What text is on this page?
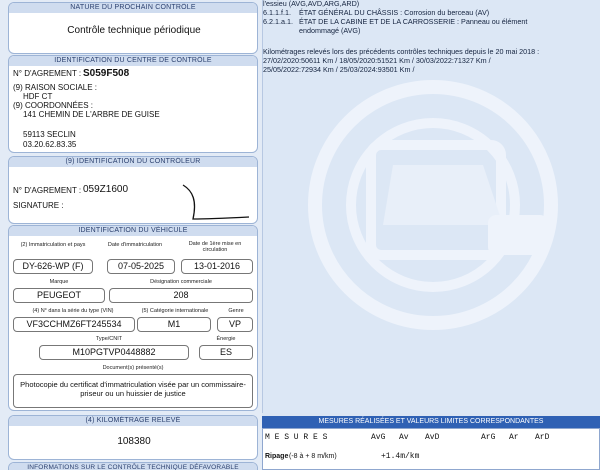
NATURE DU PROCHAIN CONTRÔLE
Contrôle technique périodique
IDENTIFICATION DU CENTRE DE CONTRÔLE
N° D'AGREMENT : S059F508
(9) RAISON SOCIALE :
HDF CT
(9) COORDONNÉES :
141 CHEMIN DE L'ARBRE DE GUISE
59113 SECLIN
03.20.62.83.35
(9) IDENTIFICATION DU CONTRÔLEUR
N° D'AGREMENT : 059Z1600
SIGNATURE :
IDENTIFICATION DU VÉHICULE
(2) Immatriculation et pays	Date d'immatriculation	Date de 1ère mise en circulation
DY-626-WP (F)	07-05-2025	13-01-2016
Marque	Désignation commerciale
PEUGEOT	208
(4) N° dans la série du type (VIN)	(5) Catégorie internationale	Genre
VF3CCHMZ6FT245534	M1	VP
Type/CNIT	Énergie
M10PGTVP0448882	ES
Document(s) présenté(s)
Photocopie du certificat d'immatriculation visée par un commissaire-priseur ou un huissier de justice
(4) KILOMÉTRAGE RELEVÉ
108380
INFORMATIONS SUR LE CONTRÔLE TECHNIQUE DÉFAVORABLE
l'essieu (AVG,AVD,ARG,ARD)
6.1.1.f.1. ÉTAT GÉNÉRAL DU CHÂSSIS : Corrosion du berceau (AV)
6.2.1.a.1. ÉTAT DE LA CABINE ET DE LA CARROSSERIE : Panneau ou élément
endommagé (AVG)
Kilométrages relevés lors des précédents contrôles techniques depuis le 20 mai 2018 :
27/02/2020:50611 Km / 18/05/2020:51521 Km / 30/03/2022:71327 Km /
25/05/2022:72934 Km / 25/03/2024:93501 Km /
MESURES RÉALISÉES ET VALEURS LIMITES CORRESPONDANTES
M E S U R E S	AvG Av AvD	ArG Ar ArD
Ripage (-8 à + 8 m/km)	+1.4m/km
